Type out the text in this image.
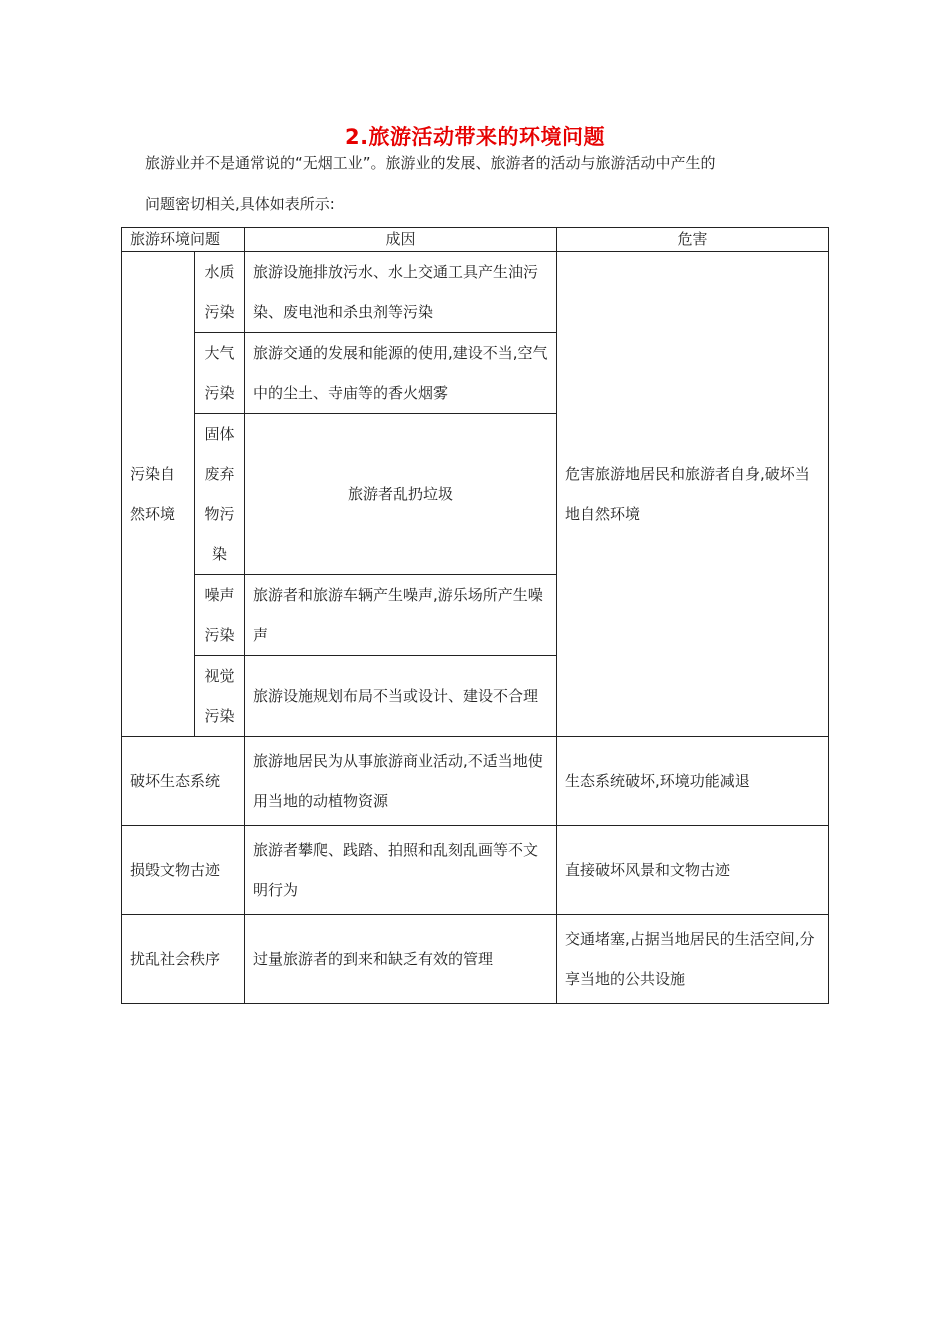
2.旅游活动带来的环境问题
旅游业并不是通常说的“无烟工业”。旅游业的发展、旅游者的活动与旅游活动中产生的
问题密切相关,具体如表所示:
旅游环境问题		成因	危害
污染自然环境	水质污染	旅游设施排放污水、水上交通工具产生油污染、废电池和杀虫剂等污染	危害旅游地居民和旅游者自身,破坏当地自然环境
	大气污染	旅游交通的发展和能源的使用,建设不当,空气中的尘土、寺庙等的香火烟雾	
	固体废弃物污染	旅游者乱扔垃圾	
	噪声污染	旅游者和旅游车辆产生噪声,游乐场所产生噪声	
	视觉污染	旅游设施规划布局不当或设计、建设不合理	
破坏生态系统		旅游地居民为从事旅游商业活动,不适当地使用当地的动植物资源	生态系统破坏,环境功能减退
损毁文物古迹		旅游者攀爬、践踏、拍照和乱刻乱画等不文明行为	直接破坏风景和文物古迹
扰乱社会秩序		过量旅游者的到来和缺乏有效的管理	交通堵塞,占据当地居民的生活空间,分享当地的公共设施
